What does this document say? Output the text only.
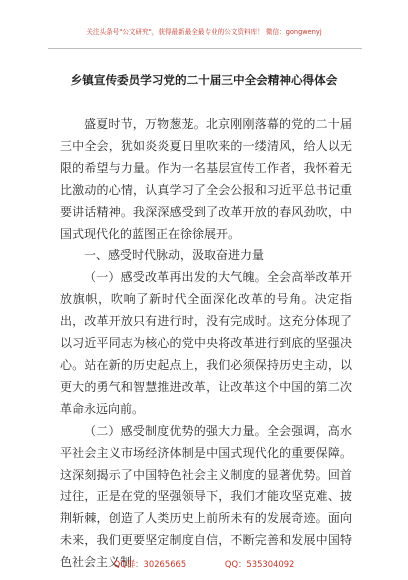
关注头条号"公文研究"，获得最新最全最专业的公文资料库！ 微信：gongwenyj
乡镇宣传委员学习党的二十届三中全会精神心得体会

盛夏时节，万物葱茏。北京刚刚落幕的党的二十届三中全会，犹如炎炎夏日里吹来的一缕清风，给人以无限的希望与力量。作为一名基层宣传工作者，我怀着无比激动的心情，认真学习了全会公报和习近平总书记重要讲话精神。我深深感受到了改革开放的春风劲吹，中国式现代化的蓝图正在徐徐展开。

一、感受时代脉动，汲取奋进力量

（一）感受改革再出发的大气魄。全会高举改革开放旗帜，吹响了新时代全面深化改革的号角。决定指出，改革开放只有进行时，没有完成时。这充分体现了以习近平同志为核心的党中央将改革进行到底的坚强决心。站在新的历史起点上，我们必须保持历史主动，以更大的勇气和智慧推进改革，让改革这个中国的第二次革命永远向前。

（二）感受制度优势的强大力量。全会强调，高水平社会主义市场经济体制是中国式现代化的重要保障。这深刻揭示了中国特色社会主义制度的显著优势。回首过往，正是在党的坚强领导下，我们才能攻坚克难、披荆斩棘，创造了人类历史上前所未有的发展奇迹。面向未来，我们更要坚定制度自信，不断完善和发展中国特色社会主义制

QQ群：30265665	QQ：535304092
